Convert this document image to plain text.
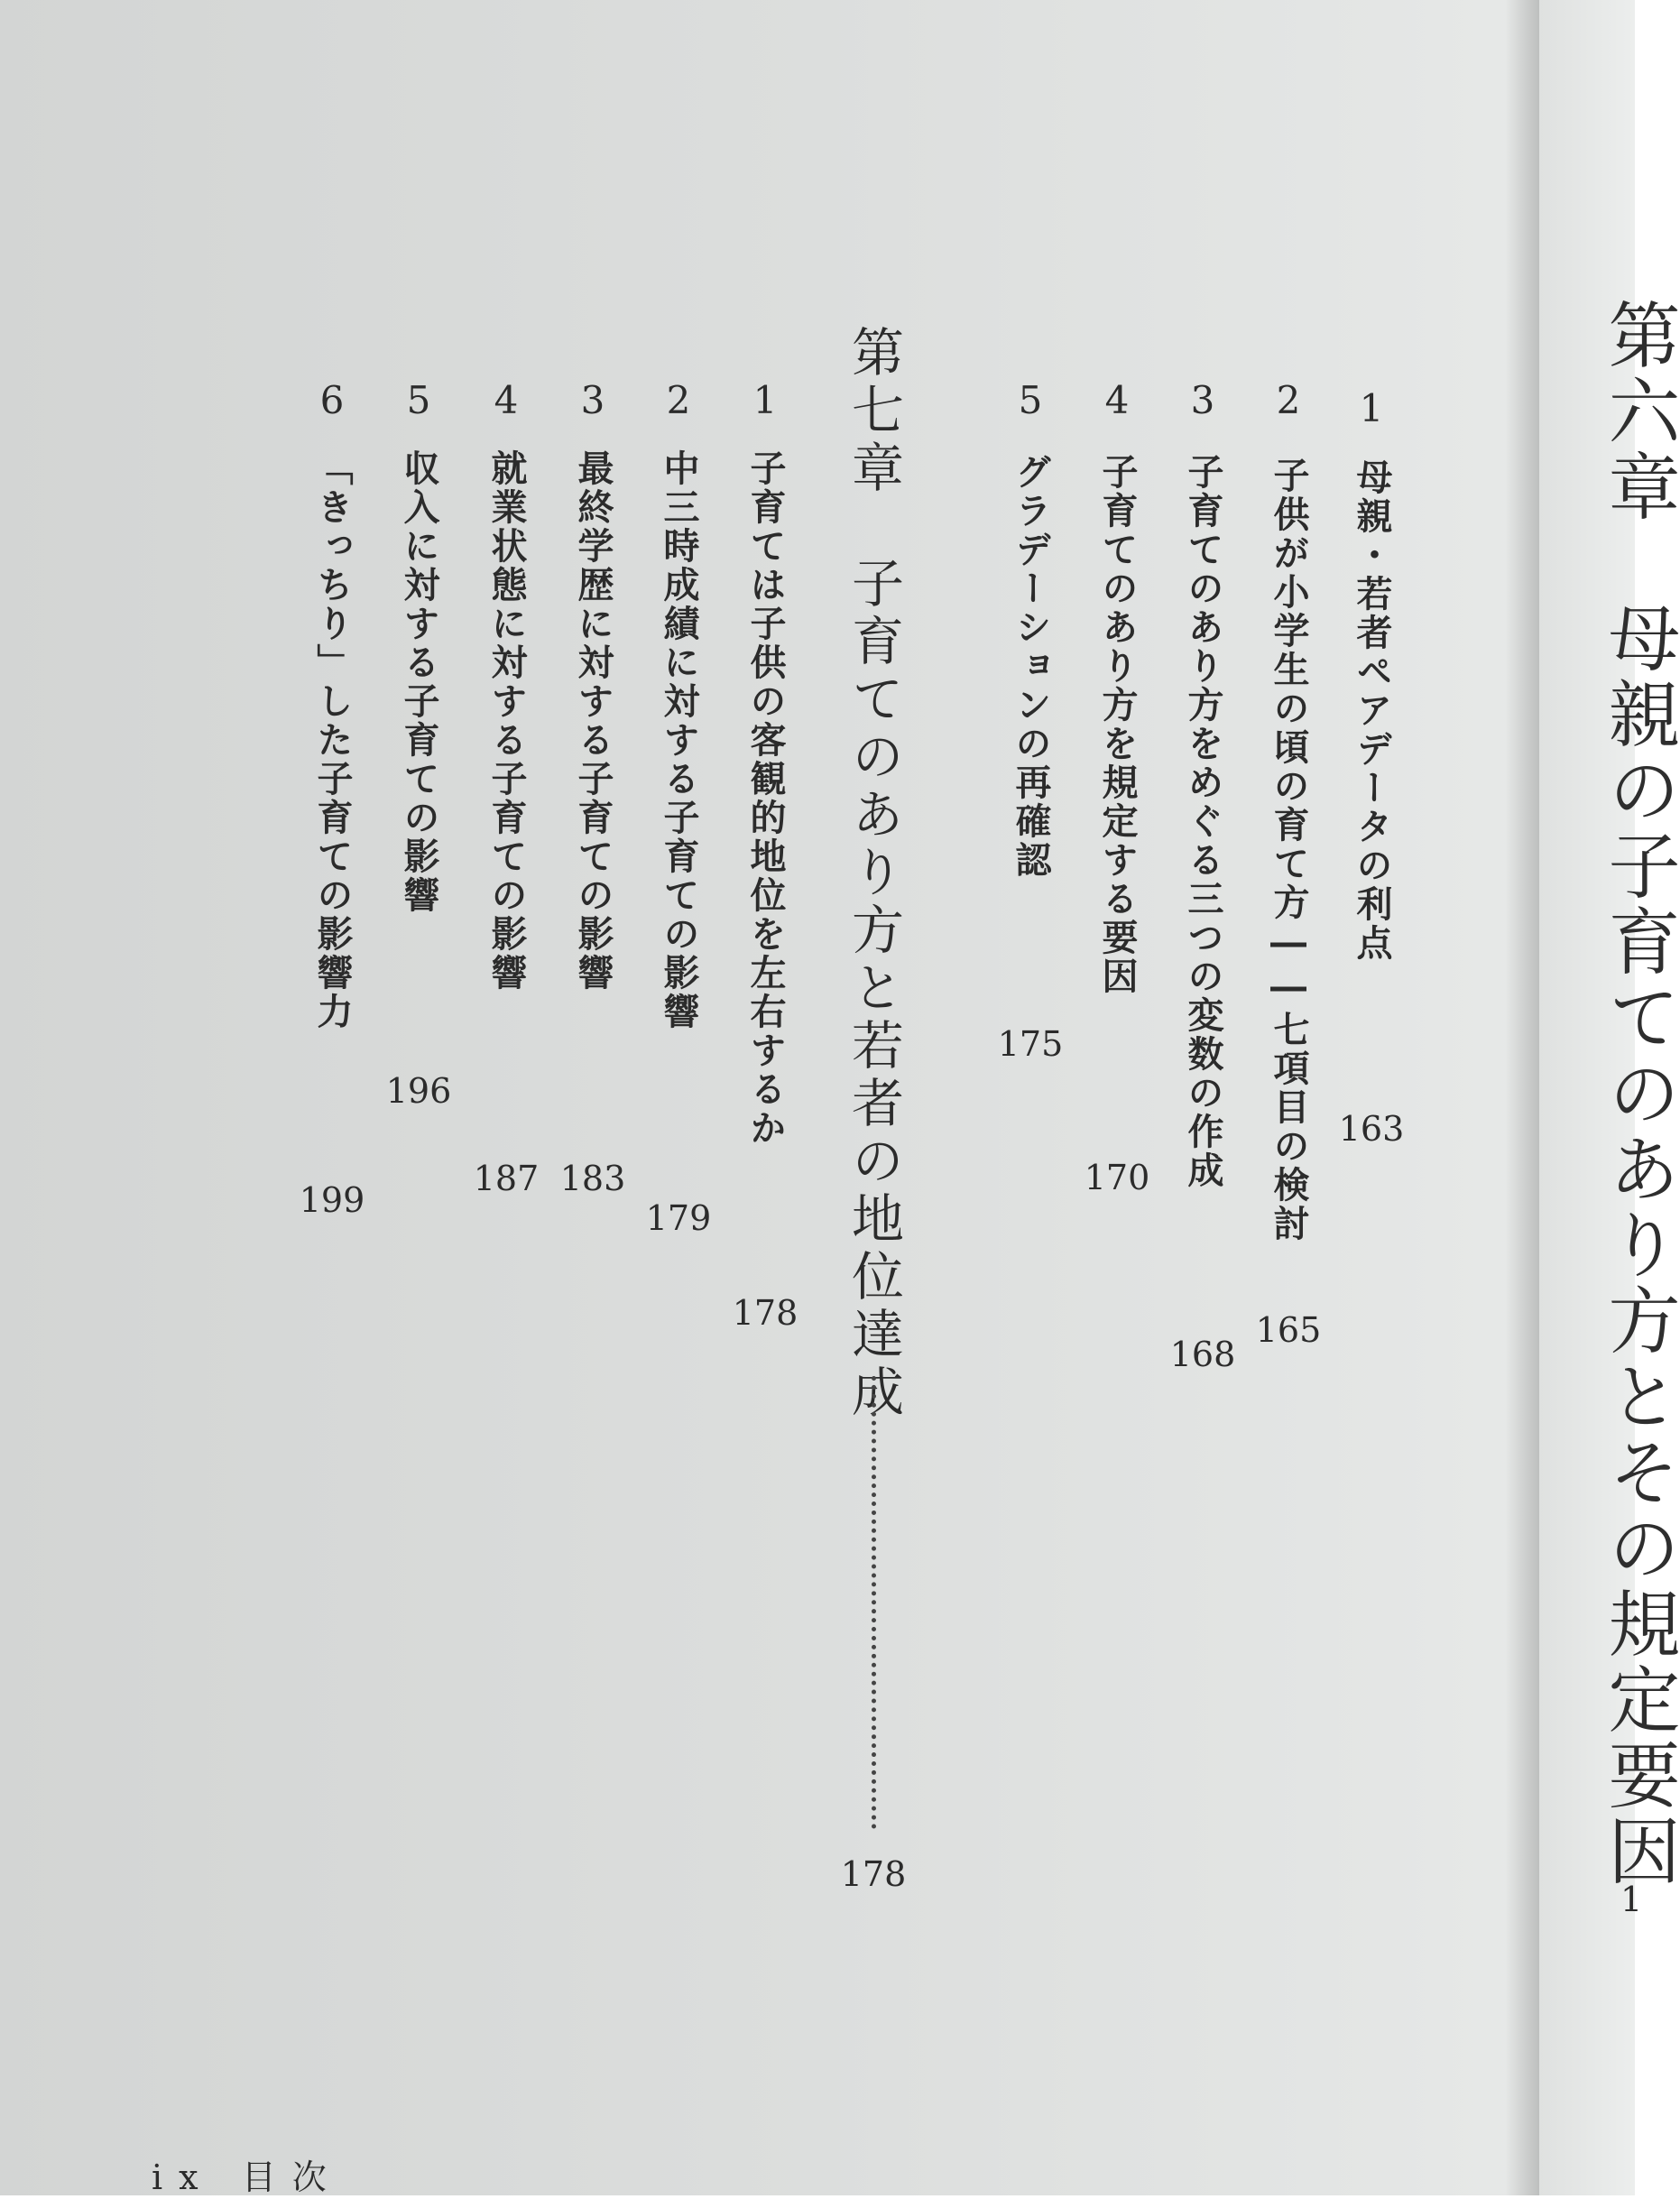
1
母親・若者ペアデータの利点
163
2
子供が小学生の頃の育て方――七項目の検討
165
3
子育てのあり方をめぐる三つの変数の作成
168
4
子育てのあり方を規定する要因
170
5
グラデーションの再確認
175
第七章　子育てのあり方と若者の地位達成
178
1
子育ては子供の客観的地位を左右するか
178
2
中三時成績に対する子育ての影響
179
3
最終学歴に対する子育ての影響
183
4
就業状態に対する子育ての影響
187
5
収入に対する子育ての影響
196
6
「きっちり」した子育ての影響力
199
ix 目次
第六章　母親の子育てのあり方とその規定要因
1
